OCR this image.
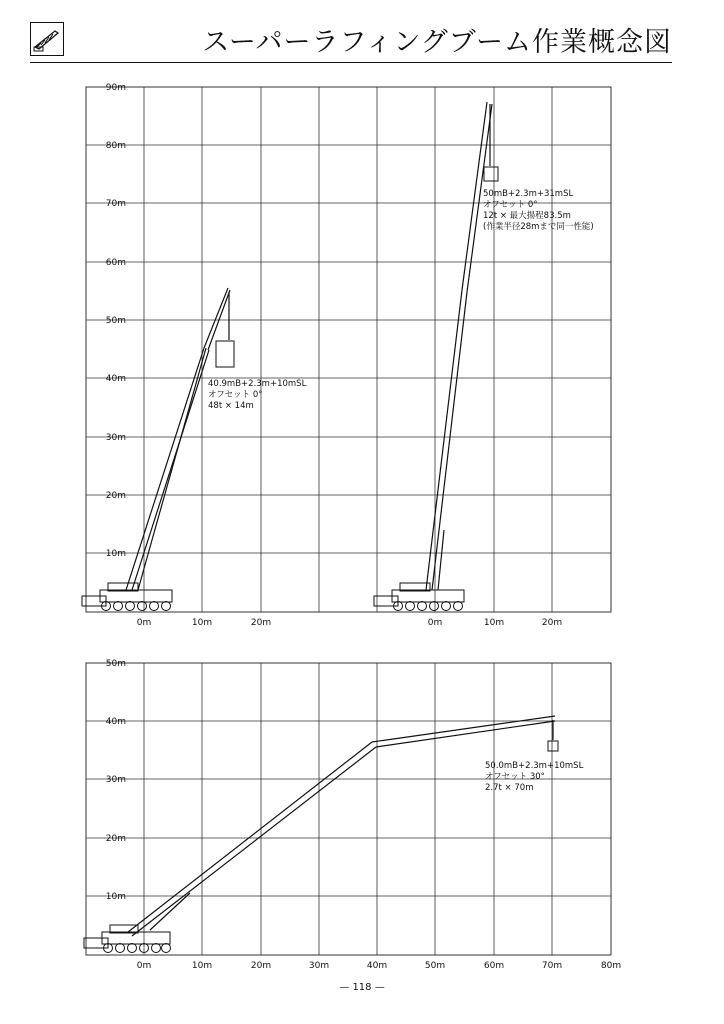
スーパーラフィングブーム作業概念図
90m
80m
70m
60m
50m
40m
30m
20m
10m
0m	10m	20m	0m	10m	20m
40.9mB+2.3m+10mSL
オフセット 0°
48t × 14m
50mB+2.3m+31mSL
オフセット 0°
12t × 最大揚程83.5m
(作業半径28mまで同一性能)
50m
40m
30m
20m
10m
0m	10m	20m	30m	40m	50m	60m	70m	80m
50.0mB+2.3m+10mSL
オフセット 30°
2.7t × 70m
— 118 —
